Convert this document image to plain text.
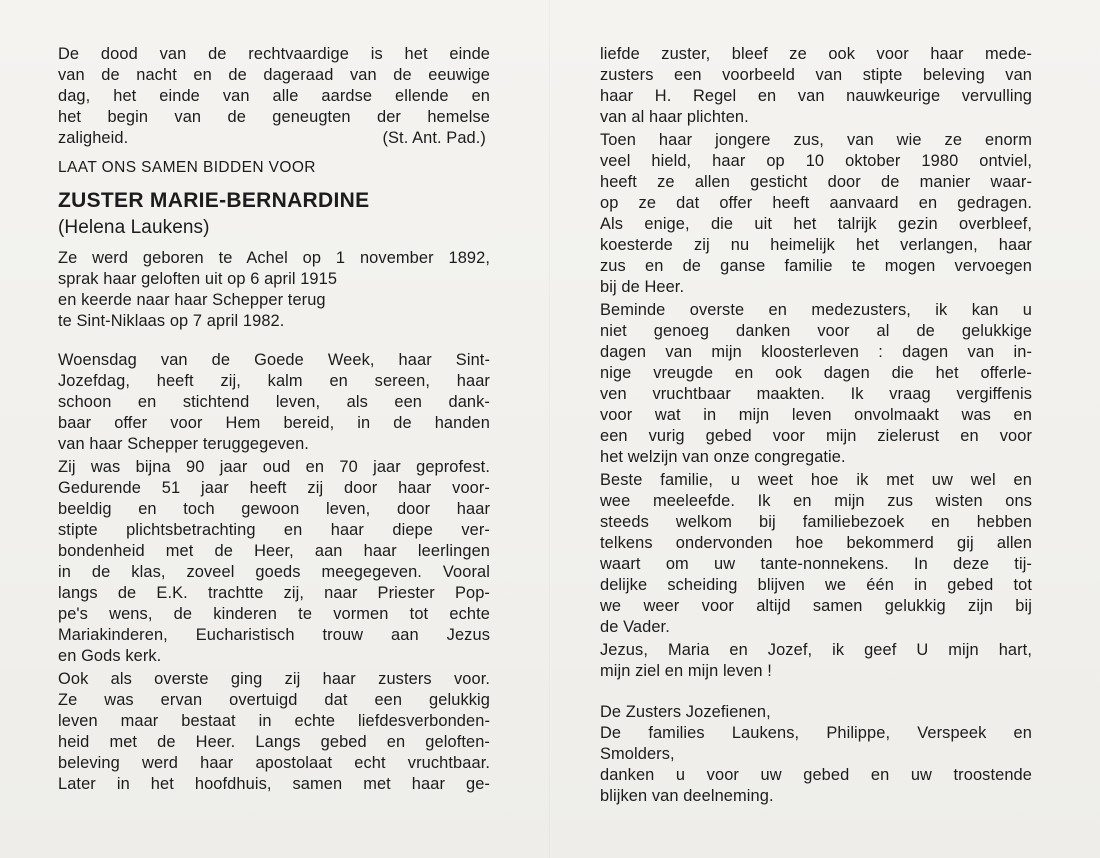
De dood van de rechtvaardige is het einde
van de nacht en de dageraad van de eeuwige
dag, het einde van alle aardse ellende en
het begin van de geneugten der hemelse
zaligheid.	(St. Ant. Pad.)
LAAT ONS SAMEN BIDDEN VOOR
ZUSTER MARIE-BERNARDINE
(Helena Laukens)
Ze werd geboren te Achel op 1 november 1892,
sprak haar geloften uit op 6 april 1915
en keerde naar haar Schepper terug
te Sint-Niklaas op 7 april 1982.
Woensdag van de Goede Week, haar Sint-
Jozefdag, heeft zij, kalm en sereen, haar
schoon en stichtend leven, als een dank-
baar offer voor Hem bereid, in de handen
van haar Schepper teruggegeven.
Zij was bijna 90 jaar oud en 70 jaar geprofest.
Gedurende 51 jaar heeft zij door haar voor-
beeldig en toch gewoon leven, door haar
stipte plichtsbetrachting en haar diepe ver-
bondenheid met de Heer, aan haar leerlingen
in de klas, zoveel goeds meegegeven. Vooral
langs de E.K. trachtte zij, naar Priester Pop-
pe's wens, de kinderen te vormen tot echte
Mariakinderen, Eucharistisch trouw aan Jezus
en Gods kerk.
Ook als overste ging zij haar zusters voor.
Ze was ervan overtuigd dat een gelukkig
leven maar bestaat in echte liefdesverbonden-
heid met de Heer. Langs gebed en geloften-
beleving werd haar apostolaat echt vruchtbaar.
Later in het hoofdhuis, samen met haar ge-
liefde zuster, bleef ze ook voor haar mede-
zusters een voorbeeld van stipte beleving van
haar H. Regel en van nauwkeurige vervulling
van al haar plichten.
Toen haar jongere zus, van wie ze enorm
veel hield, haar op 10 oktober 1980 ontviel,
heeft ze allen gesticht door de manier waar-
op ze dat offer heeft aanvaard en gedragen.
Als enige, die uit het talrijk gezin overbleef,
koesterde zij nu heimelijk het verlangen, haar
zus en de ganse familie te mogen vervoegen
bij de Heer.
Beminde overste en medezusters, ik kan u
niet genoeg danken voor al de gelukkige
dagen van mijn kloosterleven : dagen van in-
nige vreugde en ook dagen die het offerle-
ven vruchtbaar maakten. Ik vraag vergiffenis
voor wat in mijn leven onvolmaakt was en
een vurig gebed voor mijn zielerust en voor
het welzijn van onze congregatie.
Beste familie, u weet hoe ik met uw wel en
wee meeleefde. Ik en mijn zus wisten ons
steeds welkom bij familiebezoek en hebben
telkens ondervonden hoe bekommerd gij allen
waart om uw tante-nonnekens. In deze tij-
delijke scheiding blijven we één in gebed tot
we weer voor altijd samen gelukkig zijn bij
de Vader.
Jezus, Maria en Jozef, ik geef U mijn hart,
mijn ziel en mijn leven !
De Zusters Jozefienen,
De families Laukens, Philippe, Verspeek en
Smolders,
danken u voor uw gebed en uw troostende
blijken van deelneming.
